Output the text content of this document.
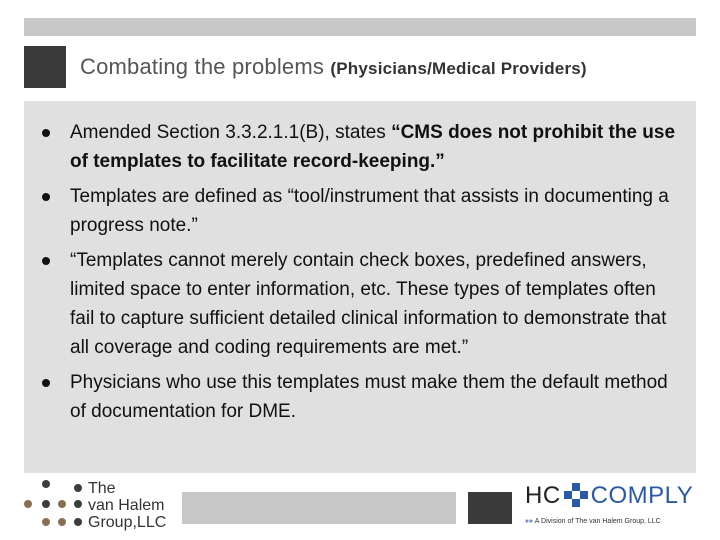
Combating the problems (Physicians/Medical Providers)
Amended Section 3.3.2.1.1(B), states “CMS does not prohibit the use of templates to facilitate record-keeping.”
Templates are defined as “tool/instrument that assists in documenting a progress note.”
“Templates cannot merely contain check boxes, predefined answers, limited space to enter information, etc. These types of templates often fail to capture sufficient detailed clinical information to demonstrate that all coverage and coding requirements are met.”
Physicians who use this templates must make them the default method of documentation for DME.
The
van Halem
Group,LLC
HC COMPLY
»» A Division of The van Halem Group, LLC
